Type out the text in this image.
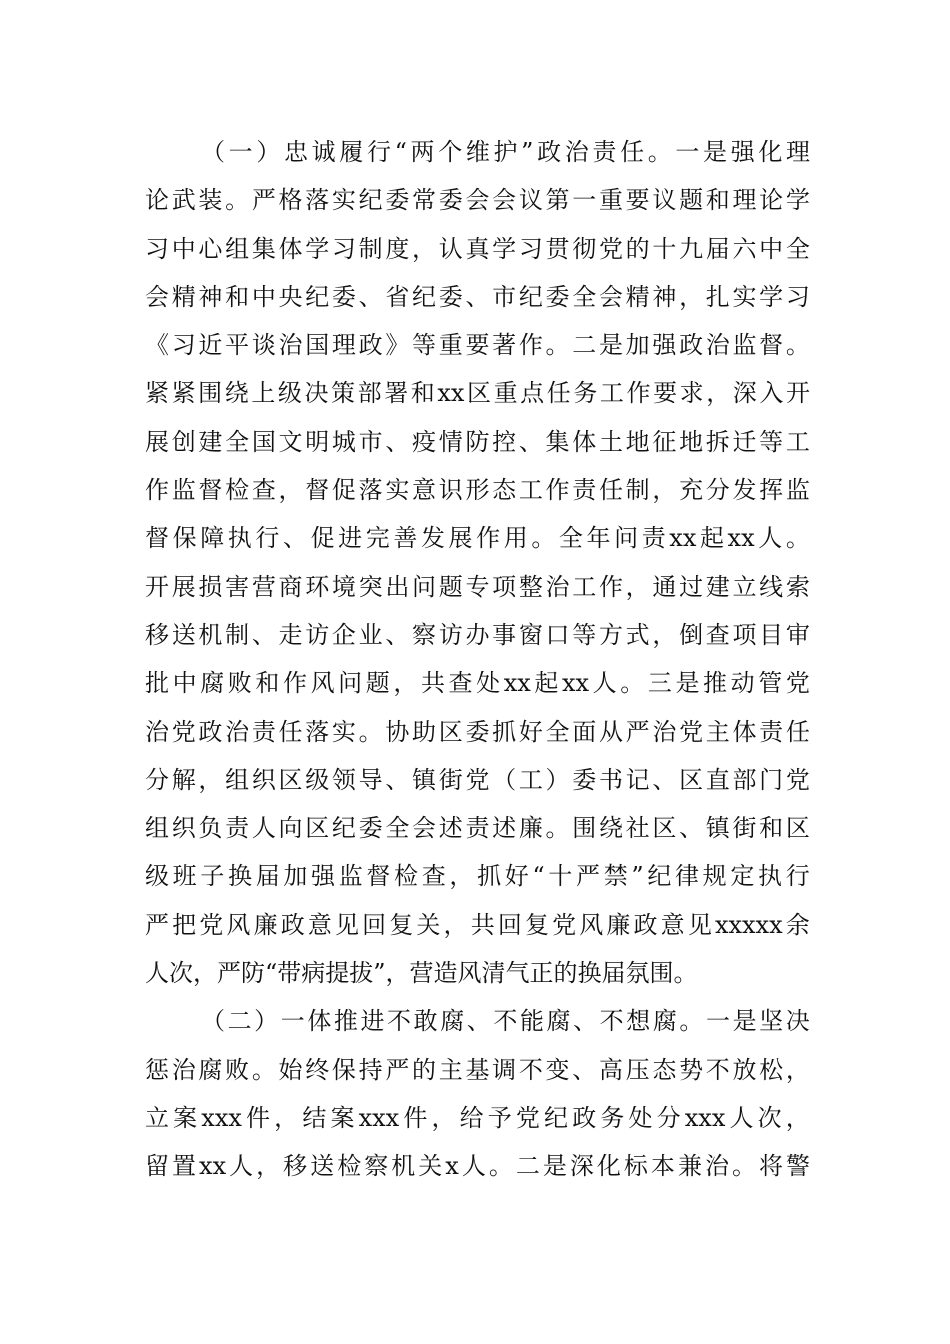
（ 一 ） 忠 诚 履 行 “ 两 个 维 护 ” 政 治 责 任 。 一 是 强 化 理
论 武 装 。 严 格 落 实 纪 委 常 委 会 会 议 第 一 重 要 议 题 和 理 论 学
习 中 心 组 集 体 学 习 制 度 ， 认 真 学 习 贯 彻 党 的 十 九 届 六 中 全
会 精 神 和 中 央 纪 委 、 省 纪 委 、 市 纪 委 全 会 精 神 ， 扎 实 学 习
《 习 近 平 谈 治 国 理 政 》 等 重 要 著 作 。 二 是 加 强 政 治 监 督 。
紧 紧 围 绕 上 级 决 策 部 署 和 xx 区 重 点 任 务 工 作 要 求 ， 深 入 开
展 创 建 全 国 文 明 城 市 、 疫 情 防 控 、 集 体 土 地 征 地 拆 迁 等 工
作 监 督 检 查 ， 督 促 落 实 意 识 形 态 工 作 责 任 制 ， 充 分 发 挥 监
督 保 障 执 行 、 促 进 完 善 发 展 作 用 。 全 年 问 责 xx 起 xx 人 。
开 展 损 害 营 商 环 境 突 出 问 题 专 项 整 治 工 作 ， 通 过 建 立 线 索
移 送 机 制 、 走 访 企 业 、 察 访 办 事 窗 口 等 方 式 ， 倒 查 项 目 审
批 中 腐 败 和 作 风 问 题 ， 共 查 处 xx 起 xx 人 。 三 是 推 动 管 党
治 党 政 治 责 任 落 实 。 协 助 区 委 抓 好 全 面 从 严 治 党 主 体 责 任
分 解 ， 组 织 区 级 领 导 、 镇 街 党 （ 工 ） 委 书 记 、 区 直 部 门 党
组 织 负 责 人 向 区 纪 委 全 会 述 责 述 廉 。 围 绕 社 区 、 镇 街 和 区
级 班 子 换 届 加 强 监 督 检 查 ， 抓 好 “ 十 严 禁 ” 纪 律 规 定 执 行
严 把 党 风 廉 政 意 见 回 复 关 ， 共 回 复 党 风 廉 政 意 见 xxxxx 余
人次，严防“带病提拔”，营造风清气正的换届氛围。
（ 二 ） 一 体 推 进 不 敢 腐 、 不 能 腐 、 不 想 腐 。 一 是 坚 决
惩 治 腐 败 。 始 终 保 持 严 的 主 基 调 不 变 、 高 压 态 势 不 放 松 ，
立 案 xxx 件 ， 结 案 xxx 件 ， 给 予 党 纪 政 务 处 分 xxx 人 次 ，
留 置 xx 人 ， 移 送 检 察 机 关 x 人 。 二 是 深 化 标 本 兼 治 。 将 警
